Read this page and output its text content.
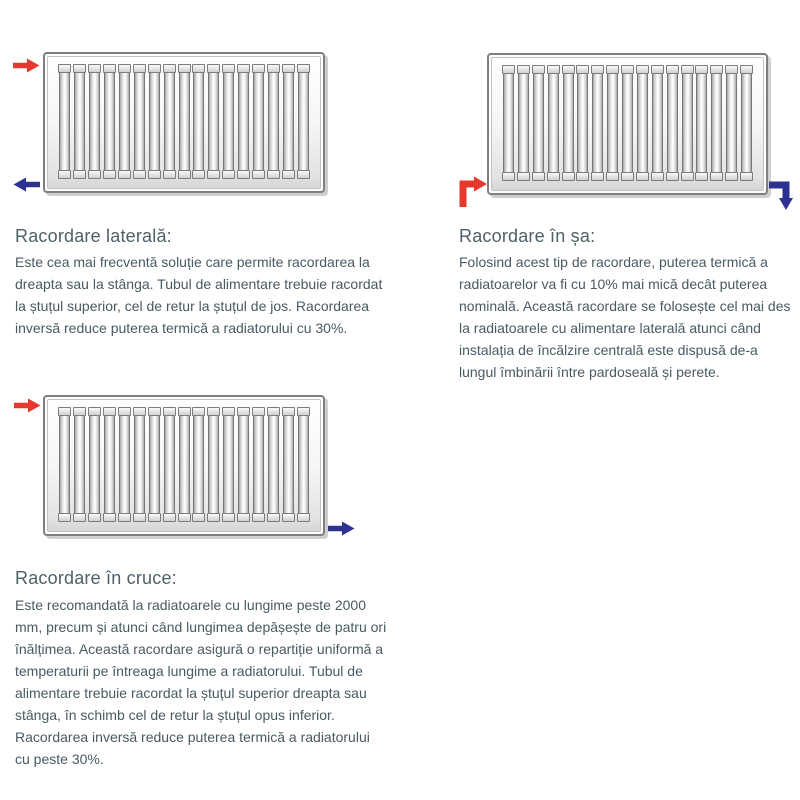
Racordare laterală:

Este cea mai frecventă soluție care permite racordarea la dreapta sau la stânga. Tubul de alimentare trebuie racordat la ștuțul superior, cel de retur la ștuțul de jos. Racordarea inversă reduce puterea termică a radiatorului cu 30%.

Racordare în șa:

Folosind acest tip de racordare, puterea termică a radiatoarelor va fi cu 10% mai mică decât puterea nominală. Această racordare se folosește cel mai des la radiatoarele cu alimentare laterală atunci când instalația de încălzire centrală este dispusă de-a lungul îmbinării între pardoseală și perete.

Racordare în cruce:

Este recomandată la radiatoarele cu lungime peste 2000 mm, precum și atunci când lungimea depășește de patru ori înălțimea. Această racordare asigură o repartiție uniformă a temperaturii pe întreaga lungime a radiatorului. Tubul de alimentare trebuie racordat la ștuțul superior dreapta sau stânga, în schimb cel de retur la ștuțul opus inferior. Racordarea inversă reduce puterea termică a radiatorului cu peste 30%.
